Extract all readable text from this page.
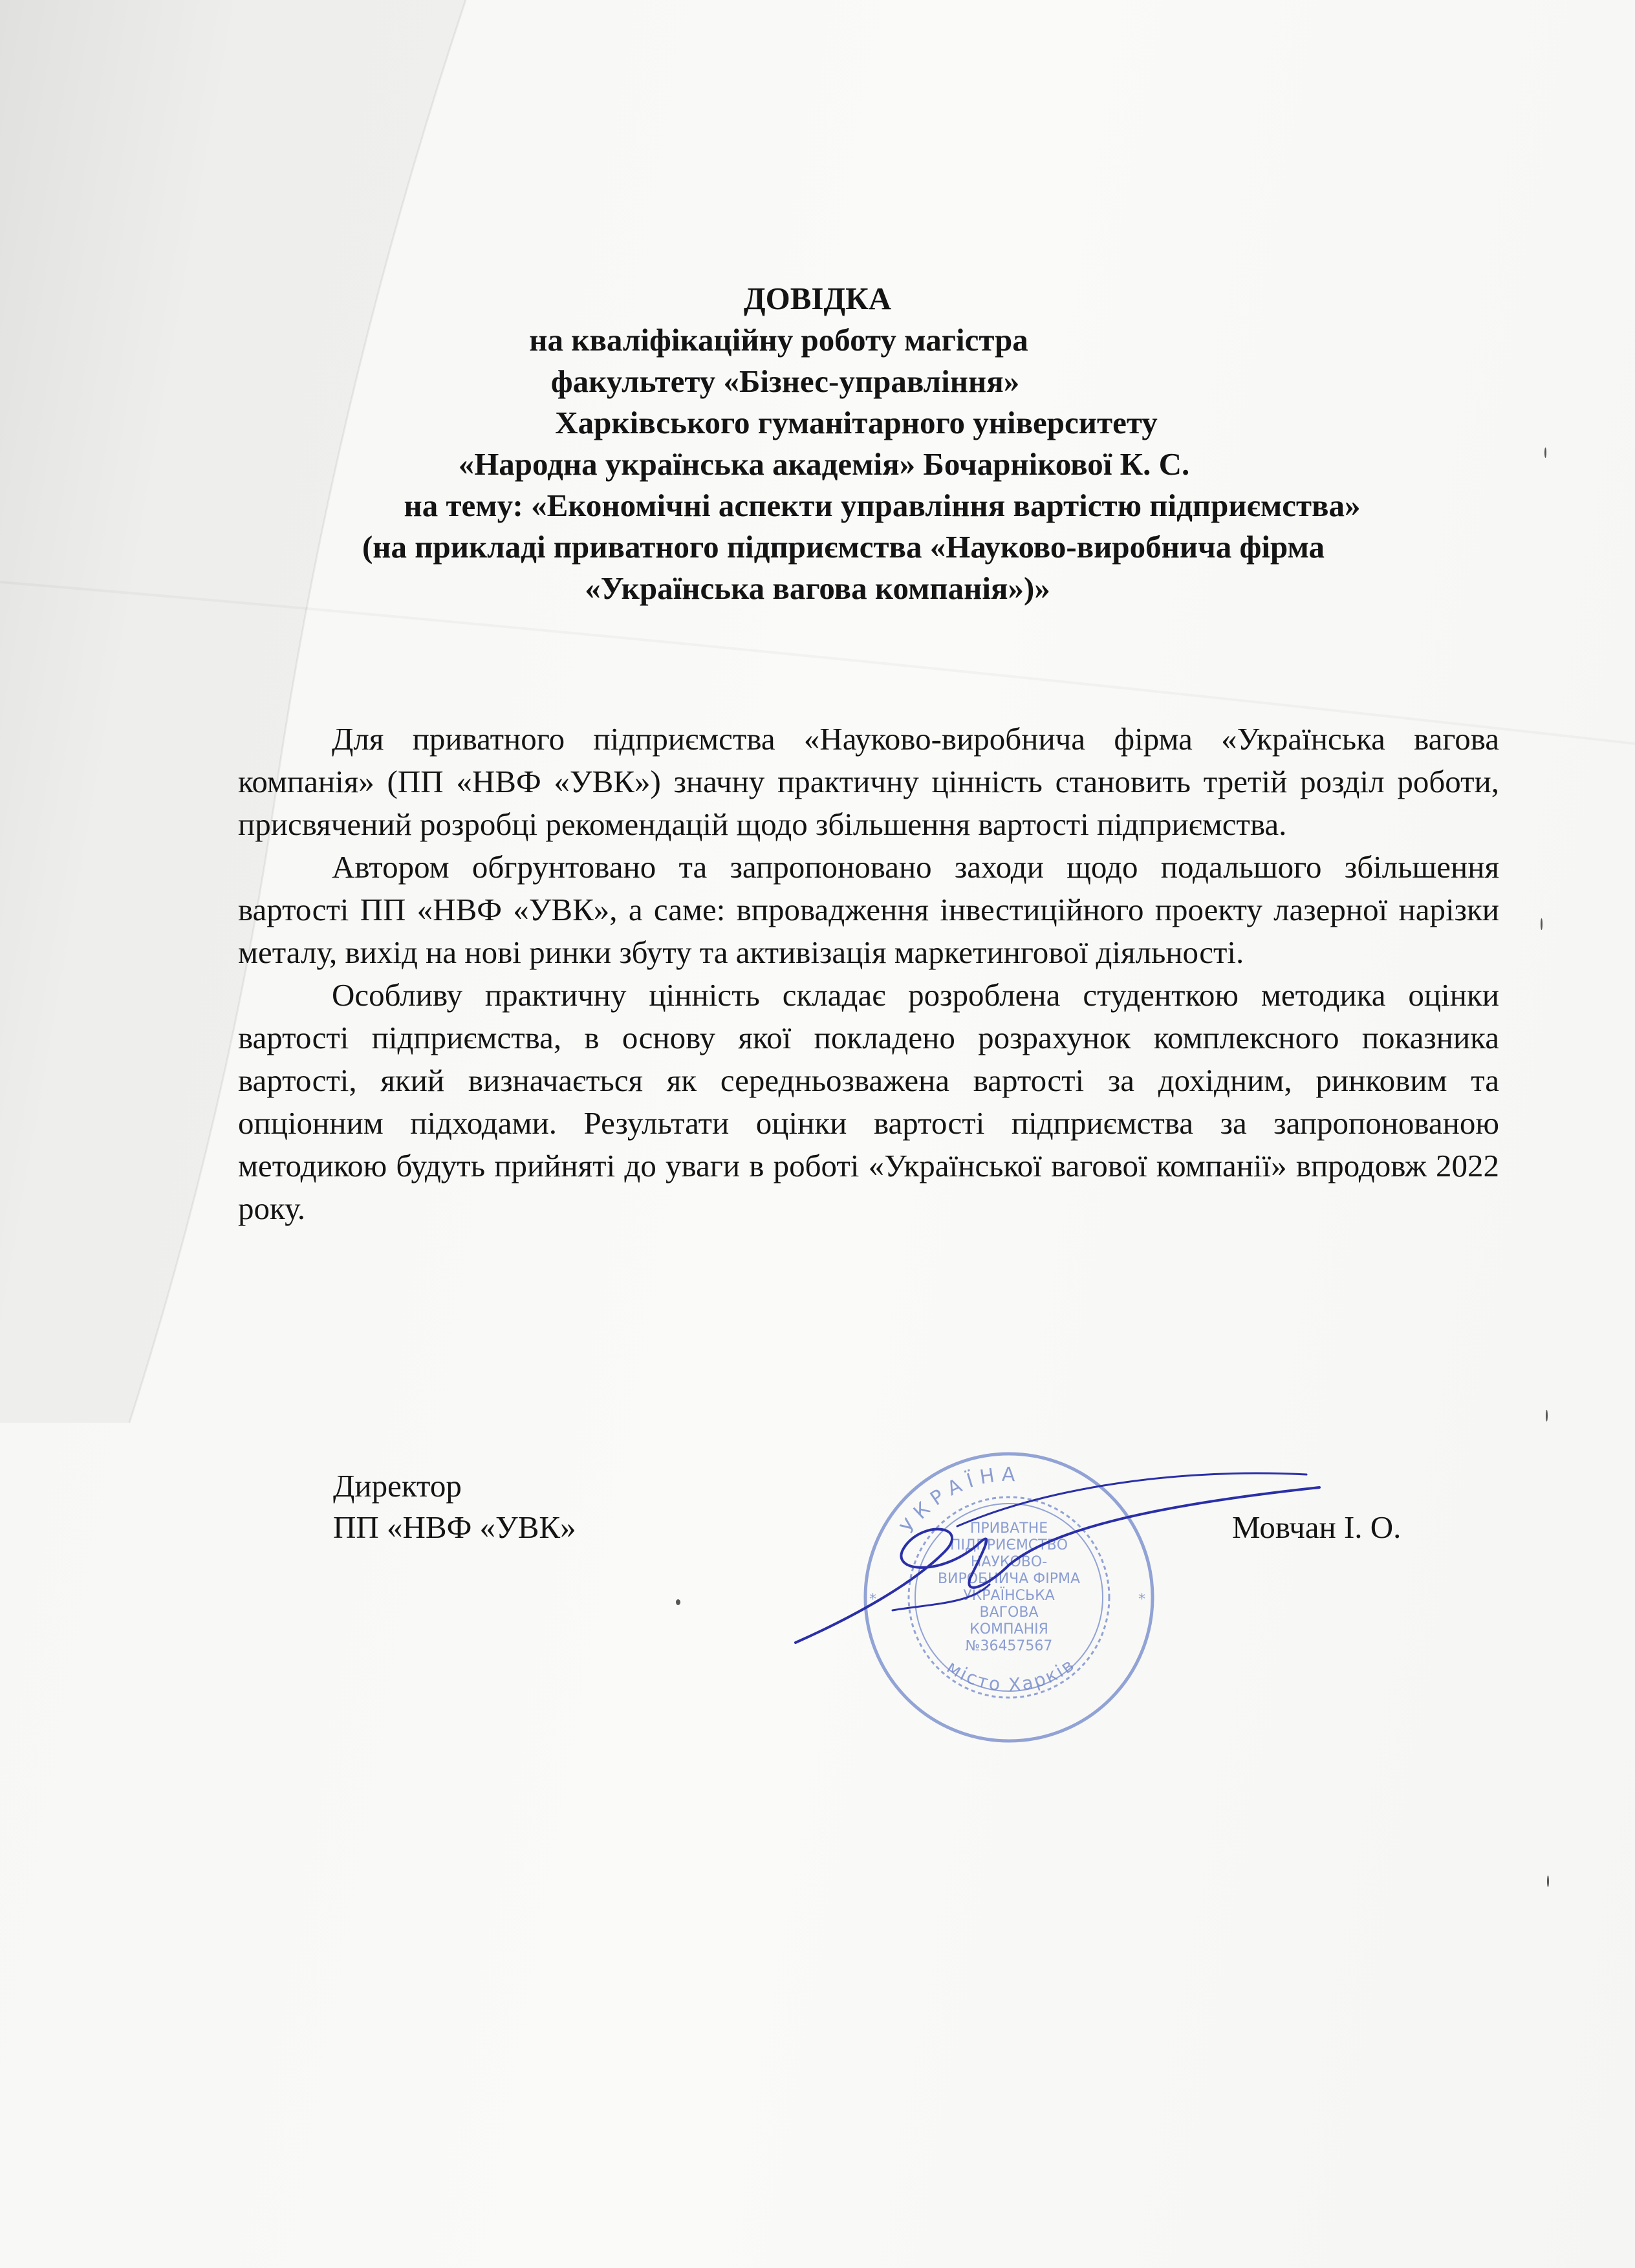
ДОВІДКА
на кваліфікаційну роботу магістра
факультету «Бізнес-управління»
Харківського гуманітарного університету
«Народна українська академія» Бочарнікової К. С.
на тему: «Економічні аспекти управління вартістю підприємства»
(на прикладі приватного підприємства «Науково-виробнича фірма
«Українська вагова компанія»)»

Для приватного підприємства «Науково-виробнича фірма «Українська вагова компанія» (ПП «НВФ «УВК») значну практичну цінність становить третій розділ роботи, присвячений розробці рекомендацій щодо збільшення вартості підприємства.

Автором обгрунтовано та запропоновано заходи щодо подальшого збільшення вартості ПП «НВФ «УВК», а саме: впровадження інвестиційного проекту лазерної нарізки металу, вихід на нові ринки збуту та активізація маркетингової діяльності.

Особливу практичну цінність складає розроблена студенткою методика оцінки вартості підприємства, в основу якої покладено розрахунок комплексного показника вартості, який визначається як середньозважена вартості за дохідним, ринковим та опціонним підходами. Результати оцінки вартості підприємства за запропонованою методикою будуть прийняті до уваги в роботі «Української вагової компанії» впродовж 2022 року.

Директор
ПП «НВФ «УВК»	УКРАЇНА
місто Харків
ПРИВАТНЕ
ПІДПРИЄМСТВО
НАУКОВО-
ВИРОБНИЧА ФІРМА
УКРАЇНСЬКА
ВАГОВА
КОМПАНІЯ
№36457567
*	*
Мовчан І. О.
